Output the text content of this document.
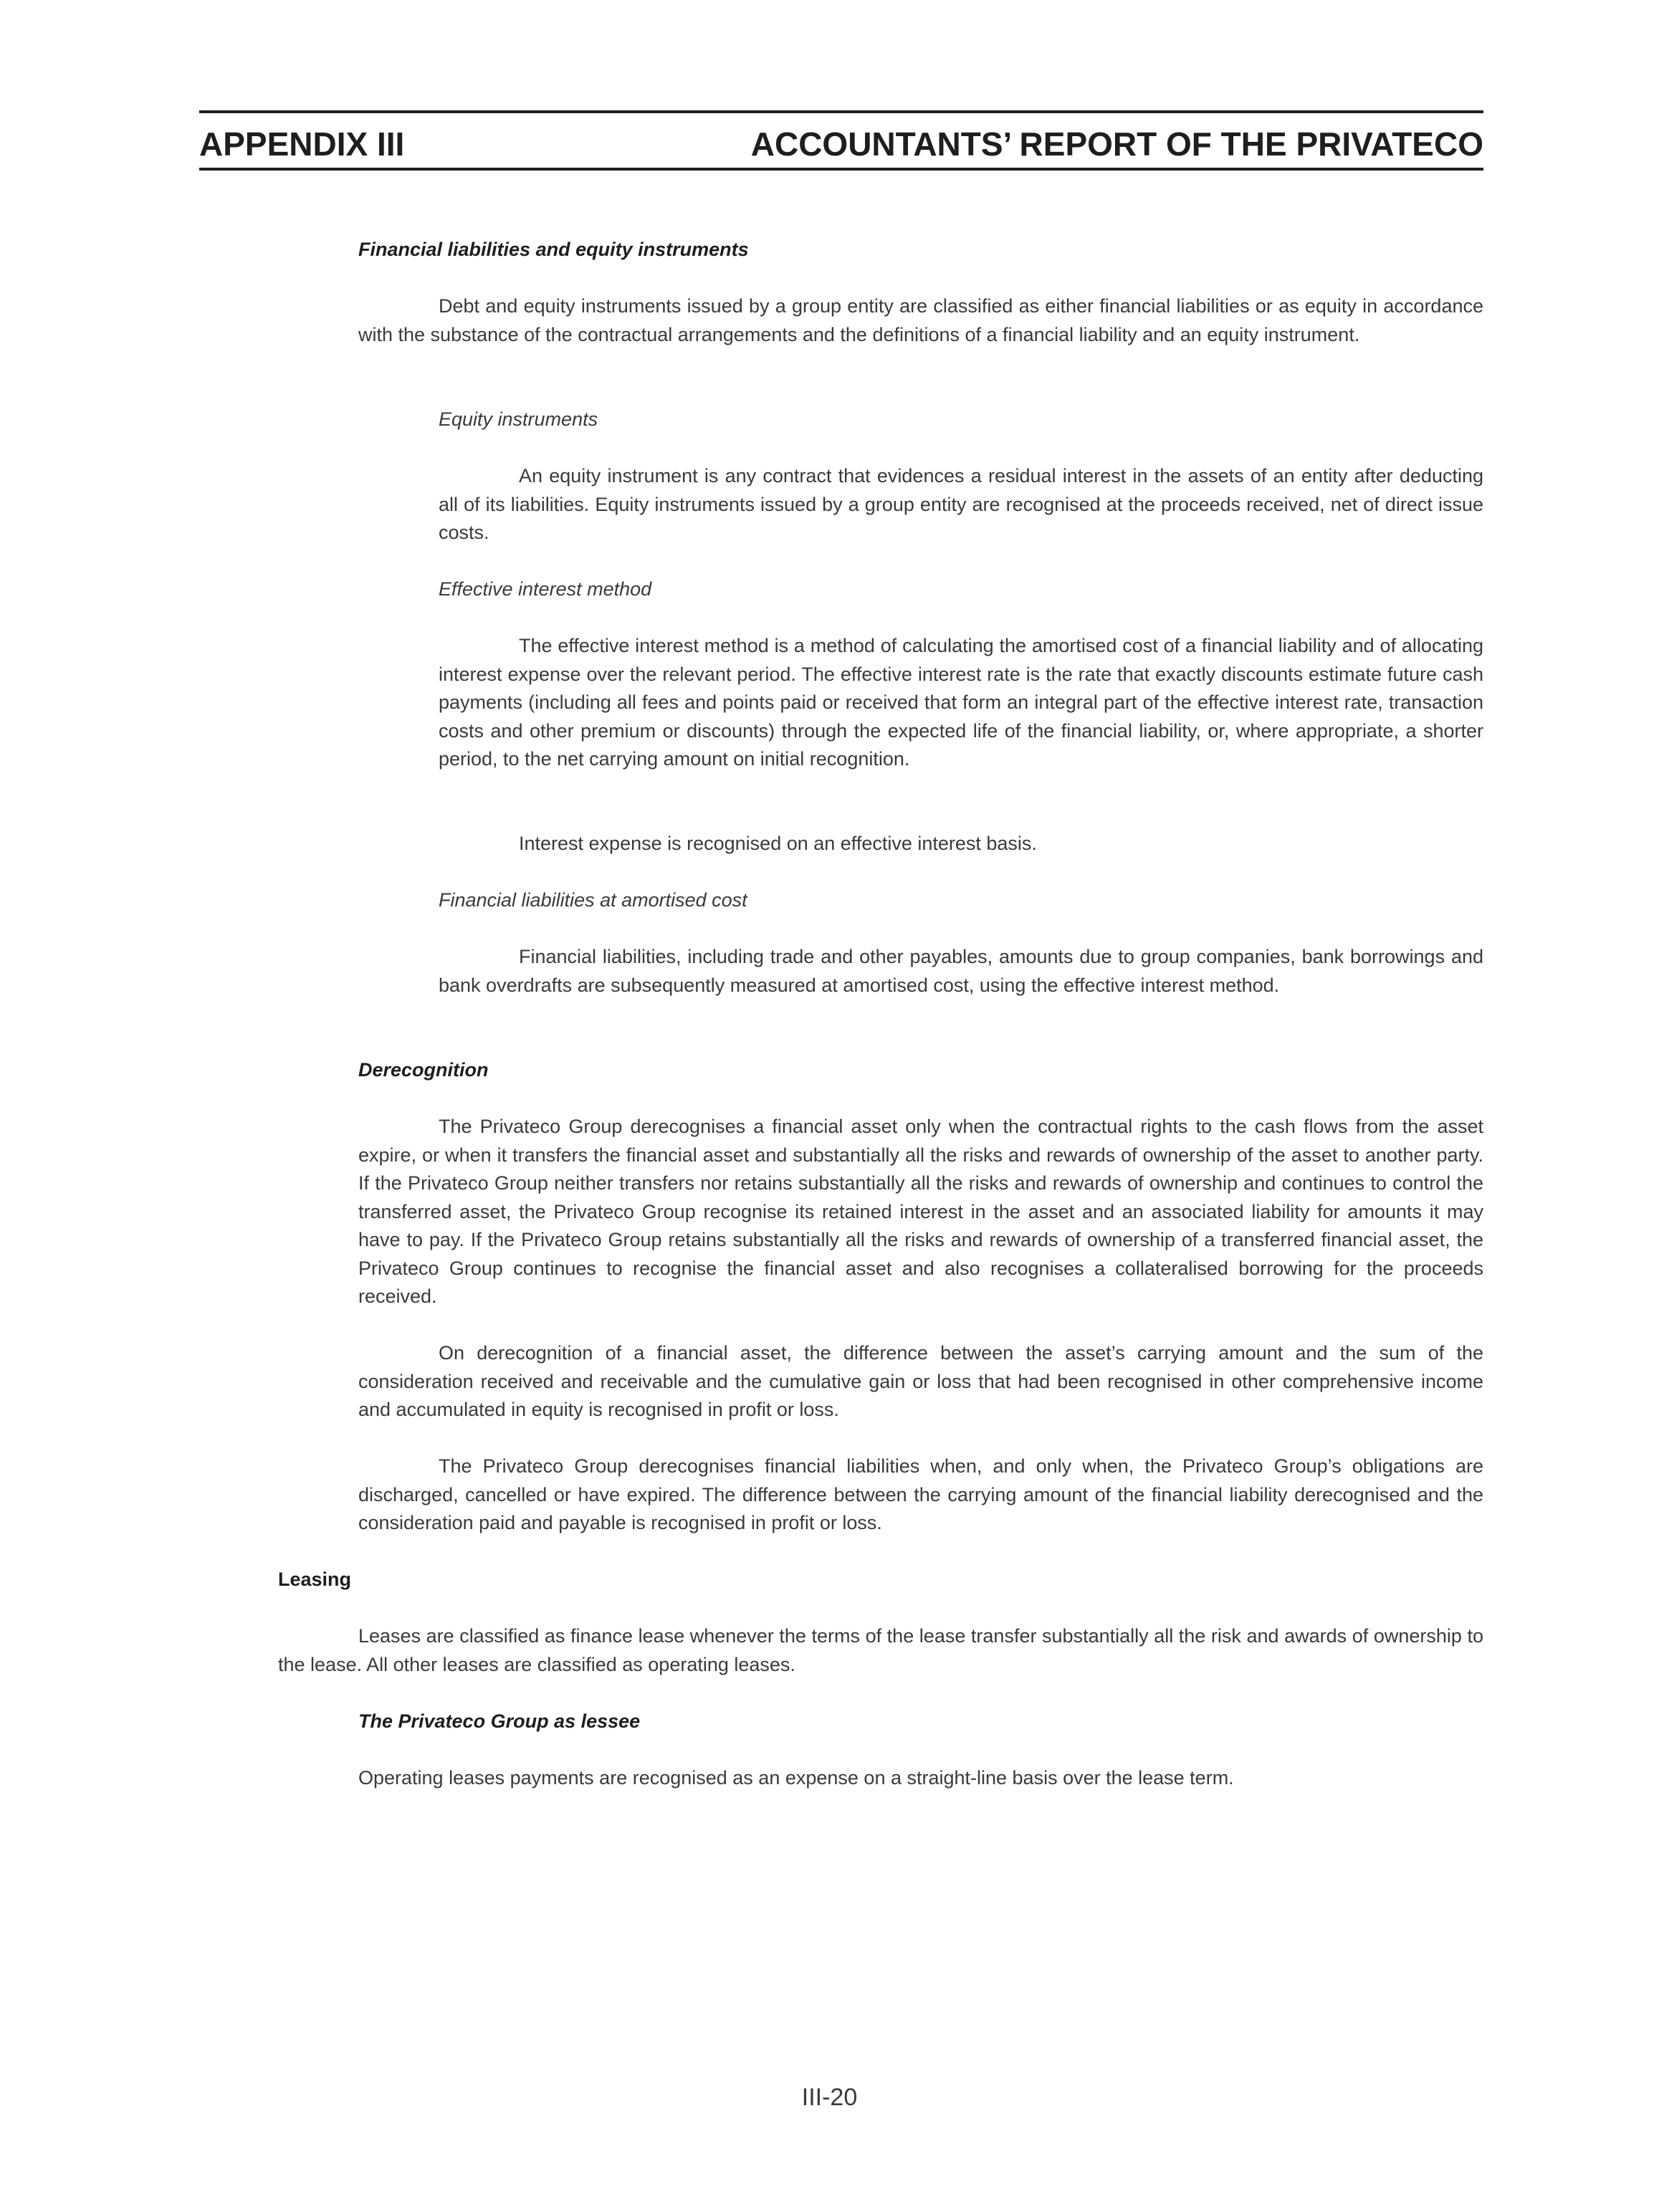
APPENDIX III	ACCOUNTANTS’ REPORT OF THE PRIVATECO

Financial liabilities and equity instruments

Debt and equity instruments issued by a group entity are classified as either financial liabilities or as equity in accordance with the substance of the contractual arrangements and the definitions of a financial liability and an equity instrument.

Equity instruments

An equity instrument is any contract that evidences a residual interest in the assets of an entity after deducting all of its liabilities. Equity instruments issued by a group entity are recognised at the proceeds received, net of direct issue costs.

Effective interest method

The effective interest method is a method of calculating the amortised cost of a financial liability and of allocating interest expense over the relevant period. The effective interest rate is the rate that exactly discounts estimate future cash payments (including all fees and points paid or received that form an integral part of the effective interest rate, transaction costs and other premium or discounts) through the expected life of the financial liability, or, where appropriate, a shorter period, to the net carrying amount on initial recognition.

Interest expense is recognised on an effective interest basis.

Financial liabilities at amortised cost

Financial liabilities, including trade and other payables, amounts due to group companies, bank borrowings and bank overdrafts are subsequently measured at amortised cost, using the effective interest method.

Derecognition

The Privateco Group derecognises a financial asset only when the contractual rights to the cash flows from the asset expire, or when it transfers the financial asset and substantially all the risks and rewards of ownership of the asset to another party. If the Privateco Group neither transfers nor retains substantially all the risks and rewards of ownership and continues to control the transferred asset, the Privateco Group recognise its retained interest in the asset and an associated liability for amounts it may have to pay. If the Privateco Group retains substantially all the risks and rewards of ownership of a transferred financial asset, the Privateco Group continues to recognise the financial asset and also recognises a collateralised borrowing for the proceeds received.

On derecognition of a financial asset, the difference between the asset’s carrying amount and the sum of the consideration received and receivable and the cumulative gain or loss that had been recognised in other comprehensive income and accumulated in equity is recognised in profit or loss.

The Privateco Group derecognises financial liabilities when, and only when, the Privateco Group’s obligations are discharged, cancelled or have expired. The difference between the carrying amount of the financial liability derecognised and the consideration paid and payable is recognised in profit or loss.

Leasing

Leases are classified as finance lease whenever the terms of the lease transfer substantially all the risk and awards of ownership to the lease. All other leases are classified as operating leases.

The Privateco Group as lessee

Operating leases payments are recognised as an expense on a straight-line basis over the lease term.

III-20
